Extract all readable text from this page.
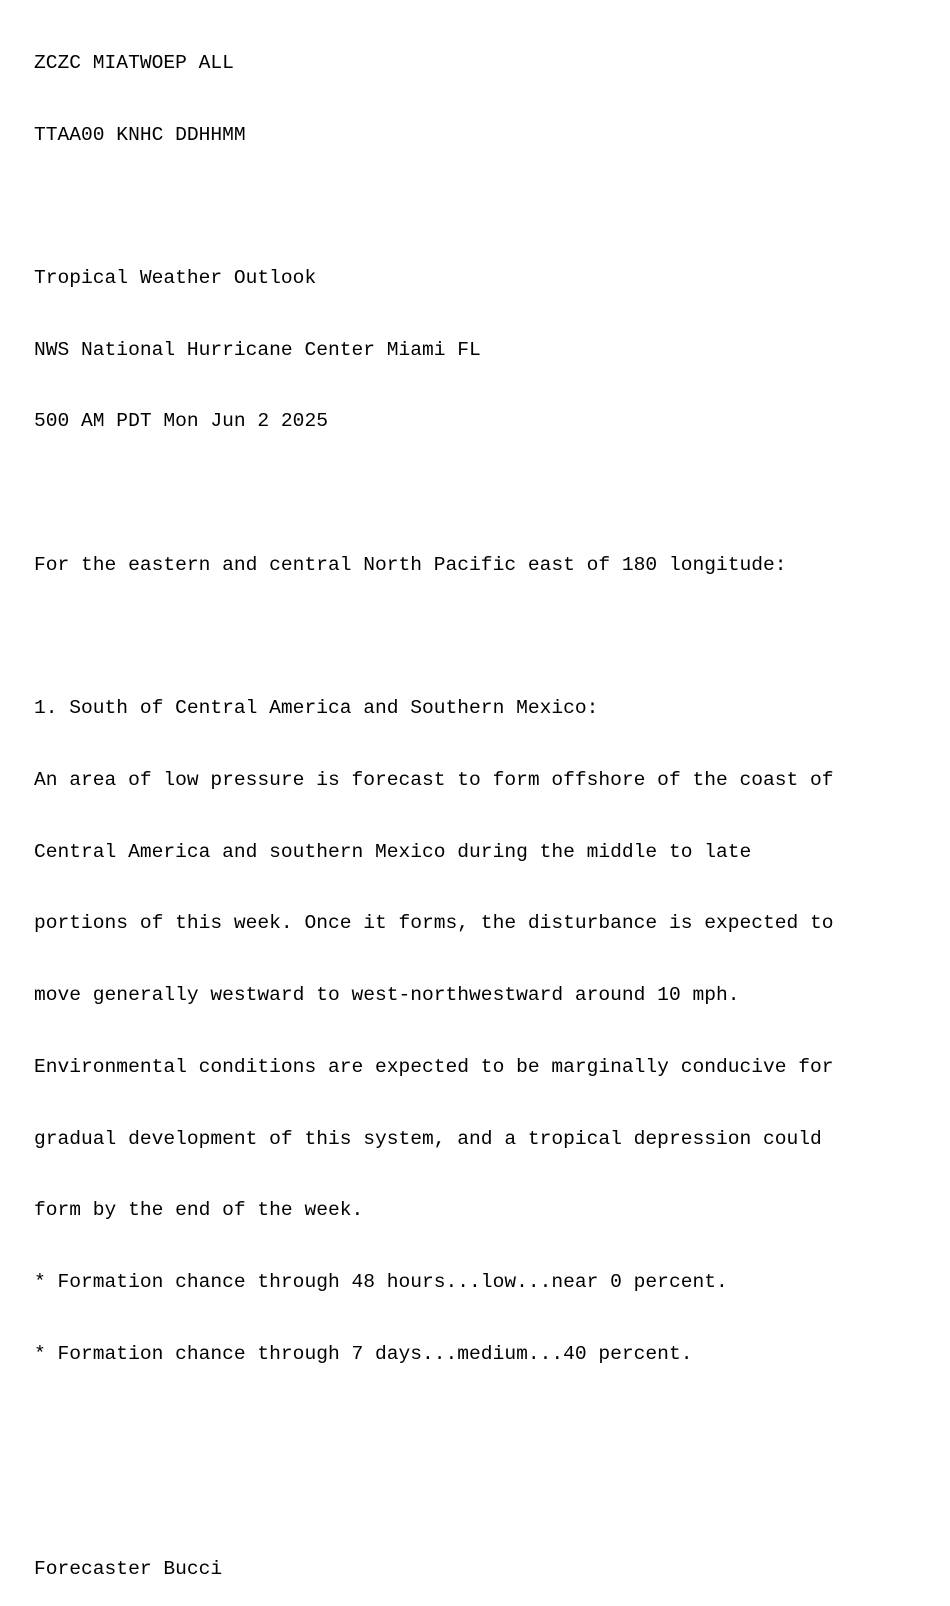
ZCZC MIATWOEP ALL

TTAA00 KNHC DDHHMM

Tropical Weather Outlook

NWS National Hurricane Center Miami FL

500 AM PDT Mon Jun 2 2025

For the eastern and central North Pacific east of 180 longitude:

1. South of Central America and Southern Mexico:

An area of low pressure is forecast to form offshore of the coast of

Central America and southern Mexico during the middle to late

portions of this week. Once it forms, the disturbance is expected to

move generally westward to west-northwestward around 10 mph.

Environmental conditions are expected to be marginally conducive for

gradual development of this system, and a tropical depression could

form by the end of the week.

* Formation chance through 48 hours...low...near 0 percent.

* Formation chance through 7 days...medium...40 percent.

Forecaster Bucci
